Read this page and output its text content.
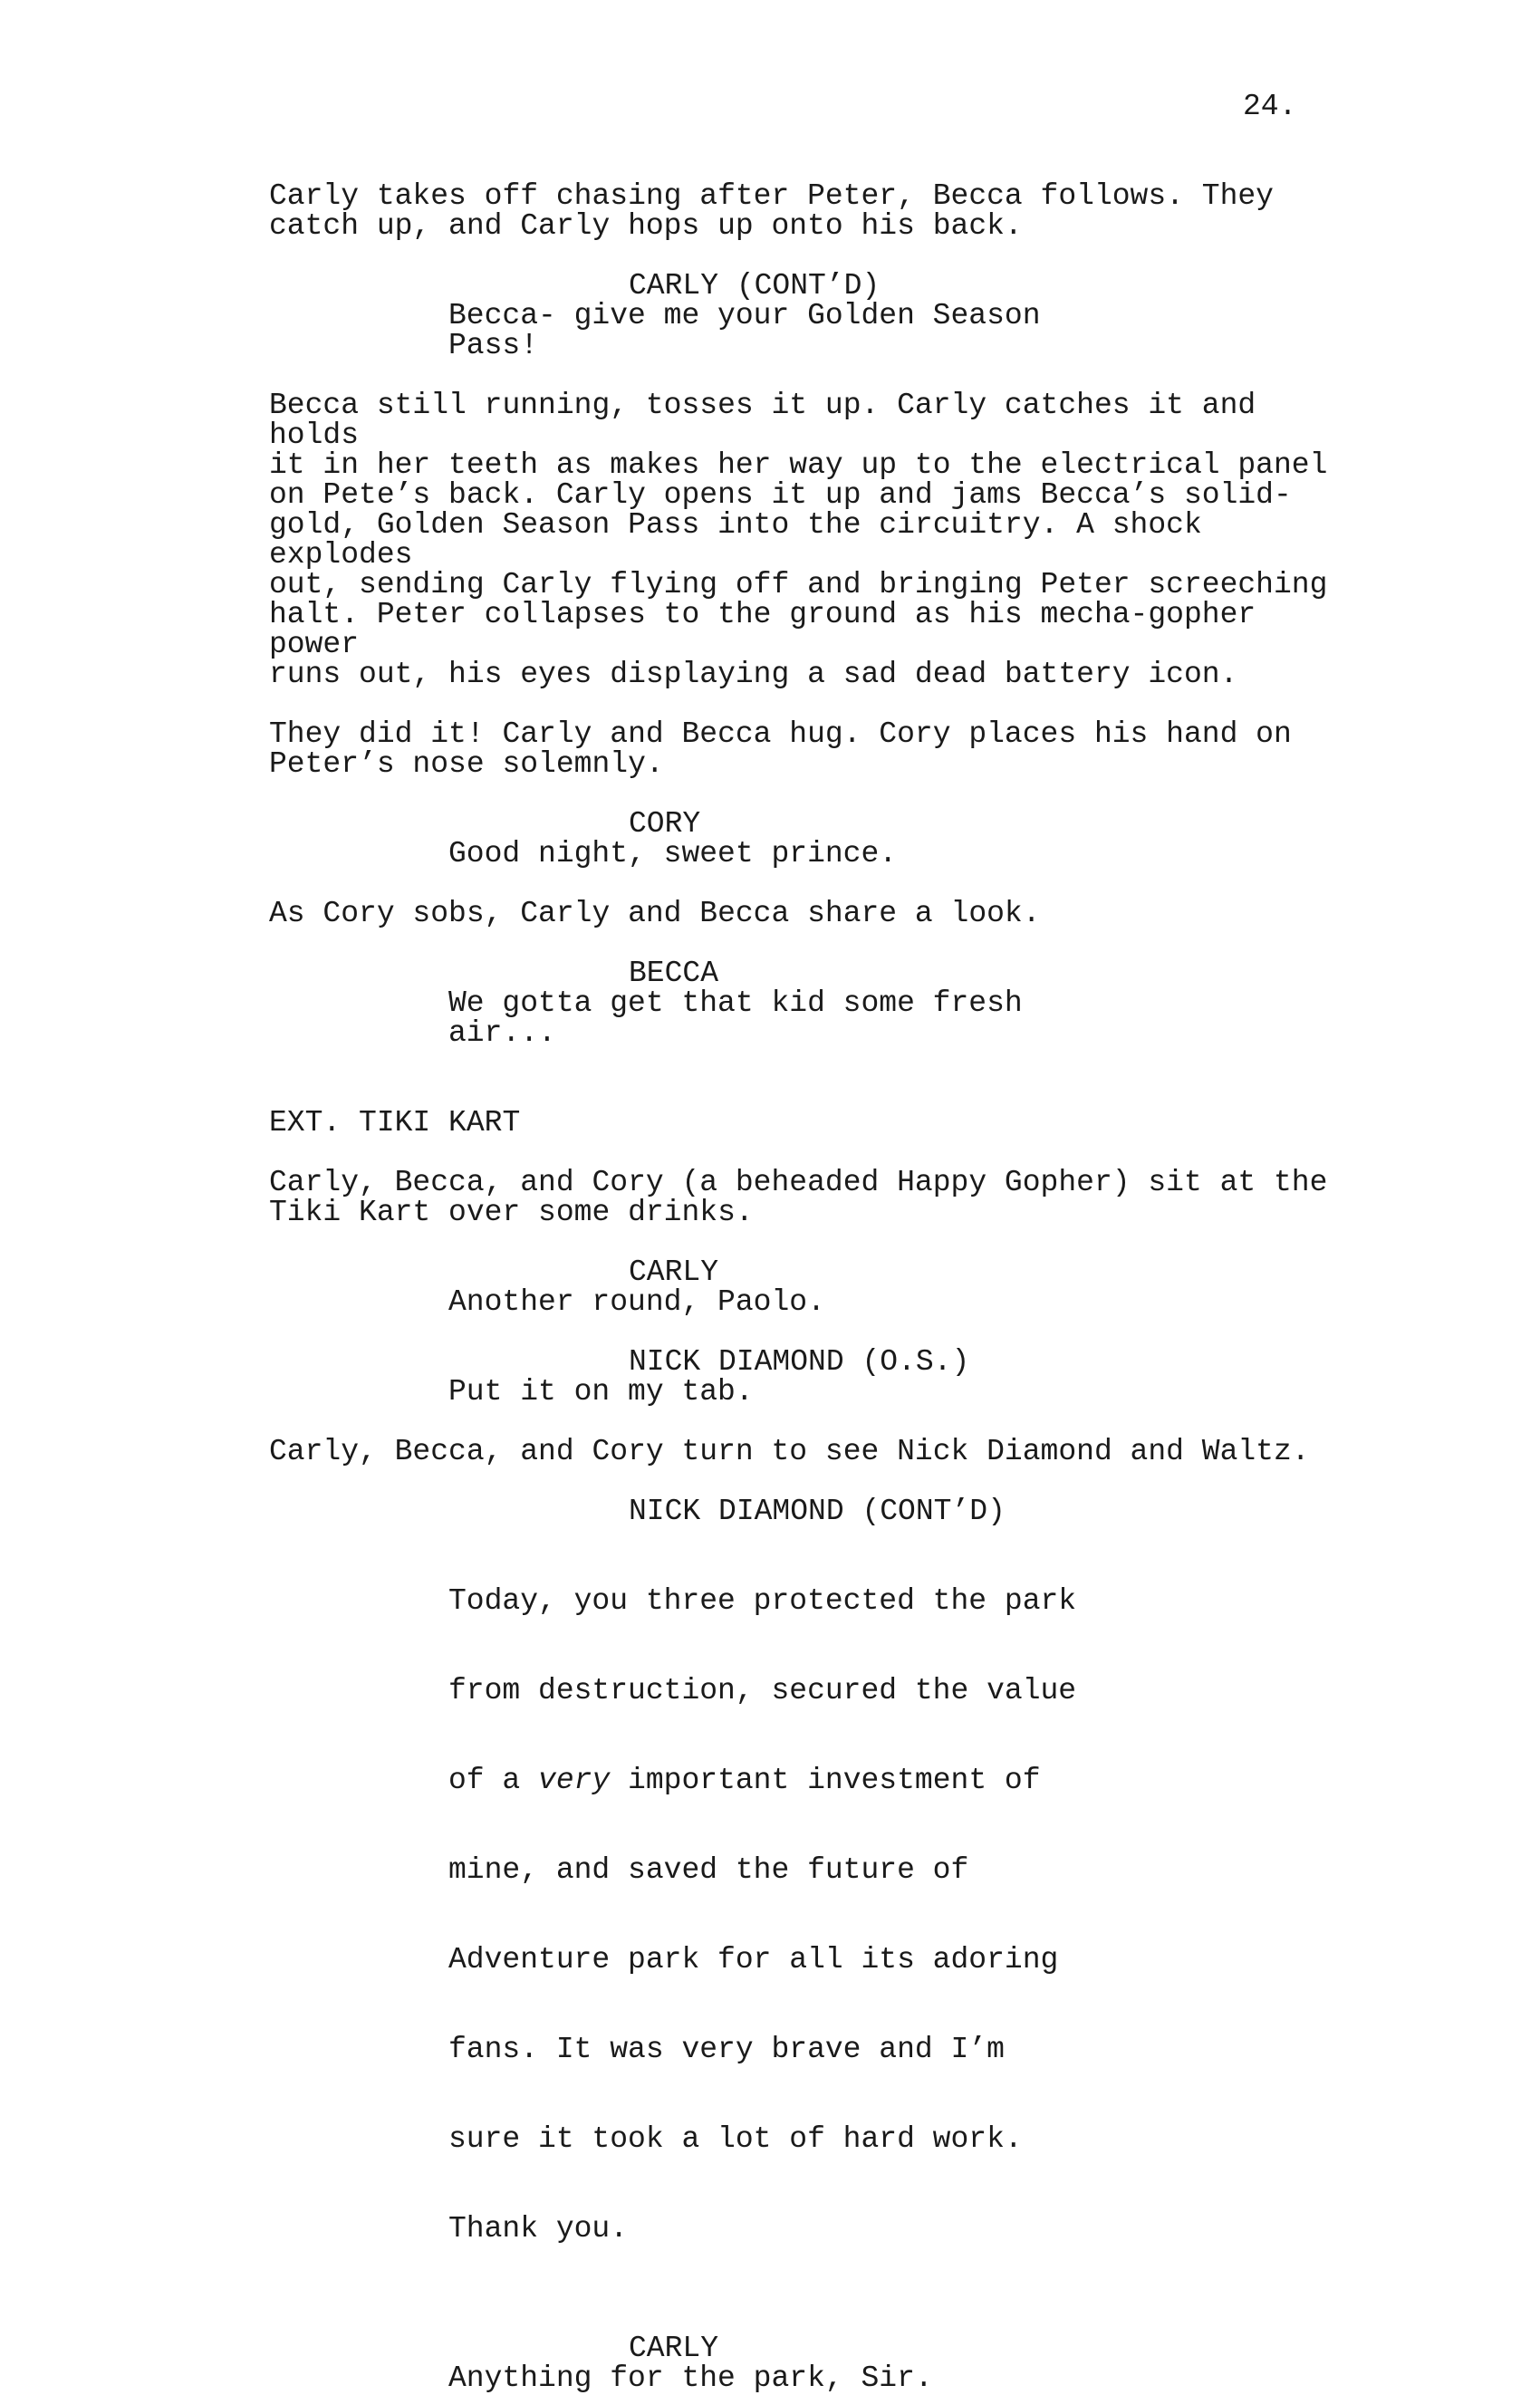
24.
Carly takes off chasing after Peter, Becca follows. They
catch up, and Carly hops up onto his back.
CARLY (CONT’D)
Becca- give me your Golden Season
Pass!
Becca still running, tosses it up. Carly catches it and holds
it in her teeth as makes her way up to the electrical panel
on Pete’s back. Carly opens it up and jams Becca’s solid-
gold, Golden Season Pass into the circuitry. A shock explodes
out, sending Carly flying off and bringing Peter screeching
halt. Peter collapses to the ground as his mecha-gopher power
runs out, his eyes displaying a sad dead battery icon.
They did it! Carly and Becca hug. Cory places his hand on
Peter’s nose solemnly.
CORY
Good night, sweet prince.
As Cory sobs, Carly and Becca share a look.
BECCA
We gotta get that kid some fresh
air...
EXT. TIKI KART
Carly, Becca, and Cory (a beheaded Happy Gopher) sit at the
Tiki Kart over some drinks.
CARLY
Another round, Paolo.
NICK DIAMOND (O.S.)
Put it on my tab.
Carly, Becca, and Cory turn to see Nick Diamond and Waltz.
NICK DIAMOND (CONT’D)

Today, you three protected the park

from destruction, secured the value

of a very important investment of

mine, and saved the future of

Adventure park for all its adoring

fans. It was very brave and I’m

sure it took a lot of hard work.

Thank you.

CARLY
Anything for the park, Sir.
